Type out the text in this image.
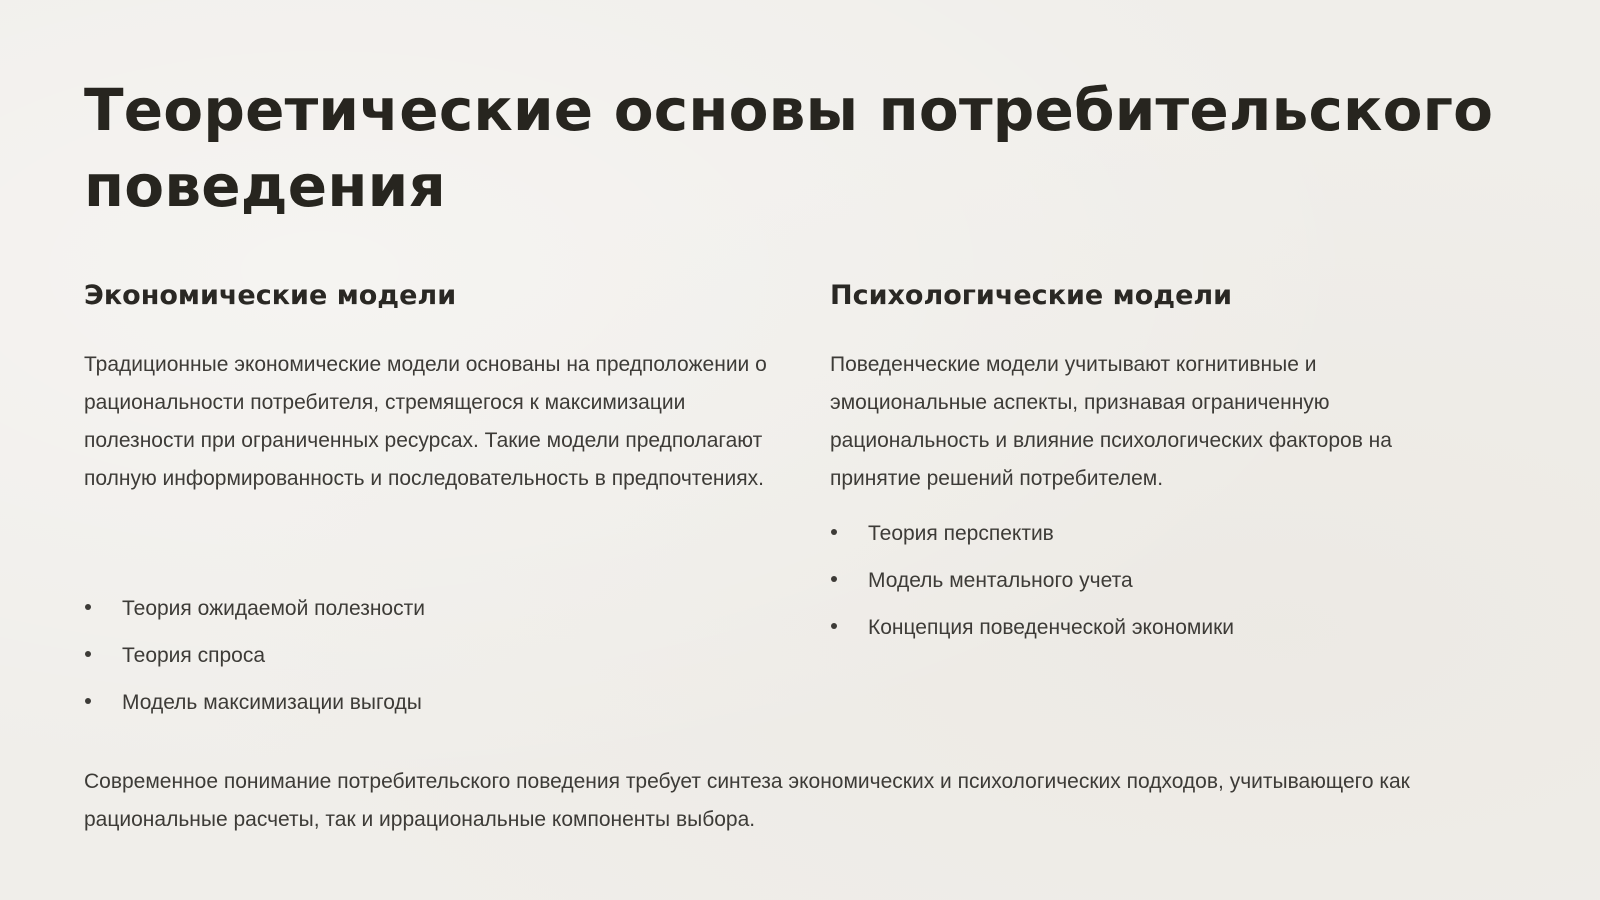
Теоретические основы потребительского поведения
Экономические модели

Традиционные экономические модели основаны на предположении о рациональности потребителя, стремящегося к максимизации полезности при ограниченных ресурсах. Такие модели предполагают полную информированность и последовательность в предпочтениях.

Теория ожидаемой полезности
Теория спроса
Модель максимизации выгоды
Психологические модели

Поведенческие модели учитывают когнитивные и эмоциональные аспекты, признавая ограниченную рациональность и влияние психологических факторов на принятие решений потребителем.

Теория перспектив
Модель ментального учета
Концепция поведенческой экономики

Современное понимание потребительского поведения требует синтеза экономических и психологических подходов, учитывающего как рациональные расчеты, так и иррациональные компоненты выбора.
